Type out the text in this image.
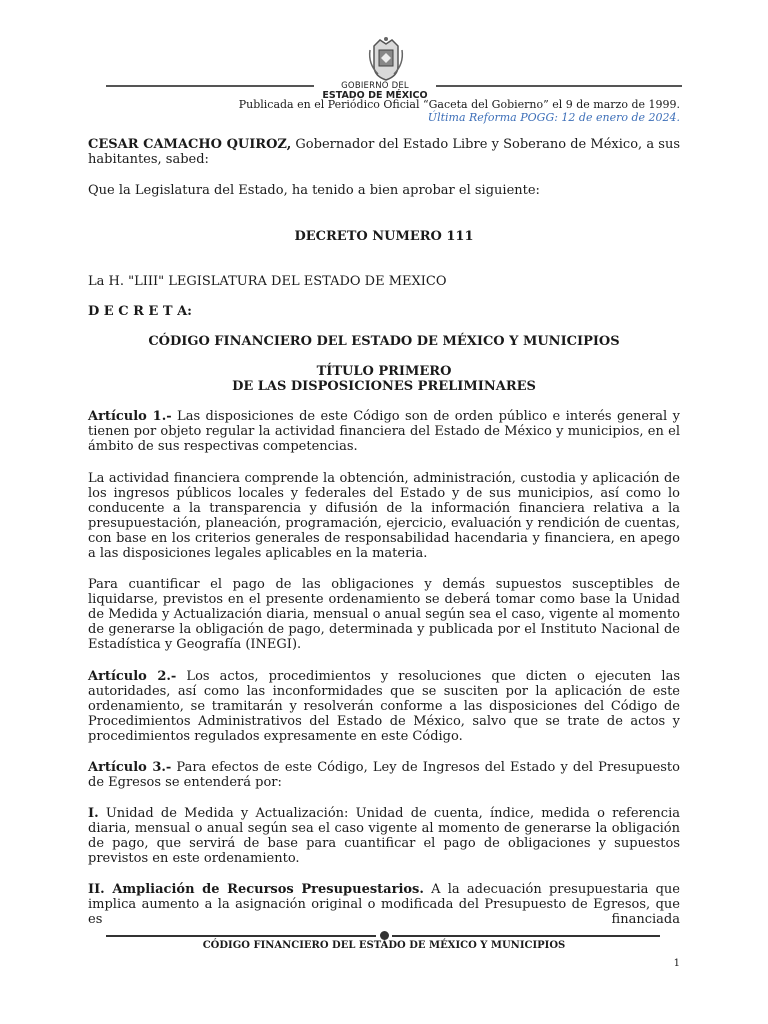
GOBIERNO DEL
ESTADO DE MÉXICO
Publicada en el Periódico Oficial “Gaceta del Gobierno” el 9 de marzo de 1999.
Última Reforma POGG: 12 de enero de 2024.
CESAR CAMACHO QUIROZ, Gobernador del Estado Libre y Soberano de México, a sus habitantes, sabed:
Que la Legislatura del Estado, ha tenido a bien aprobar el siguiente:
DECRETO NUMERO 111
La H. "LIII" LEGISLATURA DEL ESTADO DE MEXICO
D E C R E T A:
CÓDIGO FINANCIERO DEL ESTADO DE MÉXICO Y MUNICIPIOS
TÍTULO PRIMERO
DE LAS DISPOSICIONES PRELIMINARES
Artículo 1.- Las disposiciones de este Código son de orden público e interés general y tienen por objeto regular la actividad financiera del Estado de México y municipios, en el ámbito de sus respectivas competencias.
La actividad financiera comprende la obtención, administración, custodia y aplicación de los ingresos públicos locales y federales del Estado y de sus municipios, así como lo conducente a la transparencia y difusión de la información financiera relativa a la presupuestación, planeación, programación, ejercicio, evaluación y rendición de cuentas, con base en los criterios generales de responsabilidad hacendaria y financiera, en apego a las disposiciones legales aplicables en la materia.
Para cuantificar el pago de las obligaciones y demás supuestos susceptibles de liquidarse, previstos en el presente ordenamiento se deberá tomar como base la Unidad de Medida y Actualización diaria, mensual o anual según sea el caso, vigente al momento de generarse la obligación de pago, determinada y publicada por el Instituto Nacional de Estadística y Geografía (INEGI).
Artículo 2.- Los actos, procedimientos y resoluciones que dicten o ejecuten las autoridades, así como las inconformidades que se susciten por la aplicación de este ordenamiento, se tramitarán y resolverán conforme a las disposiciones del Código de Procedimientos Administrativos del Estado de México, salvo que se trate de actos y procedimientos regulados expresamente en este Código.
Artículo 3.- Para efectos de este Código, Ley de Ingresos del Estado y del Presupuesto de Egresos se entenderá por:
I. Unidad de Medida y Actualización: Unidad de cuenta, índice, medida o referencia diaria, mensual o anual según sea el caso vigente al momento de generarse la obligación de pago, que servirá de base para cuantificar el pago de obligaciones y supuestos previstos en este ordenamiento.
II. Ampliación de Recursos Presupuestarios. A la adecuación presupuestaria que implica aumento a la asignación original o modificada del Presupuesto de Egresos, que es financiada
CÓDIGO FINANCIERO DEL ESTADO DE MÉXICO Y MUNICIPIOS
1
